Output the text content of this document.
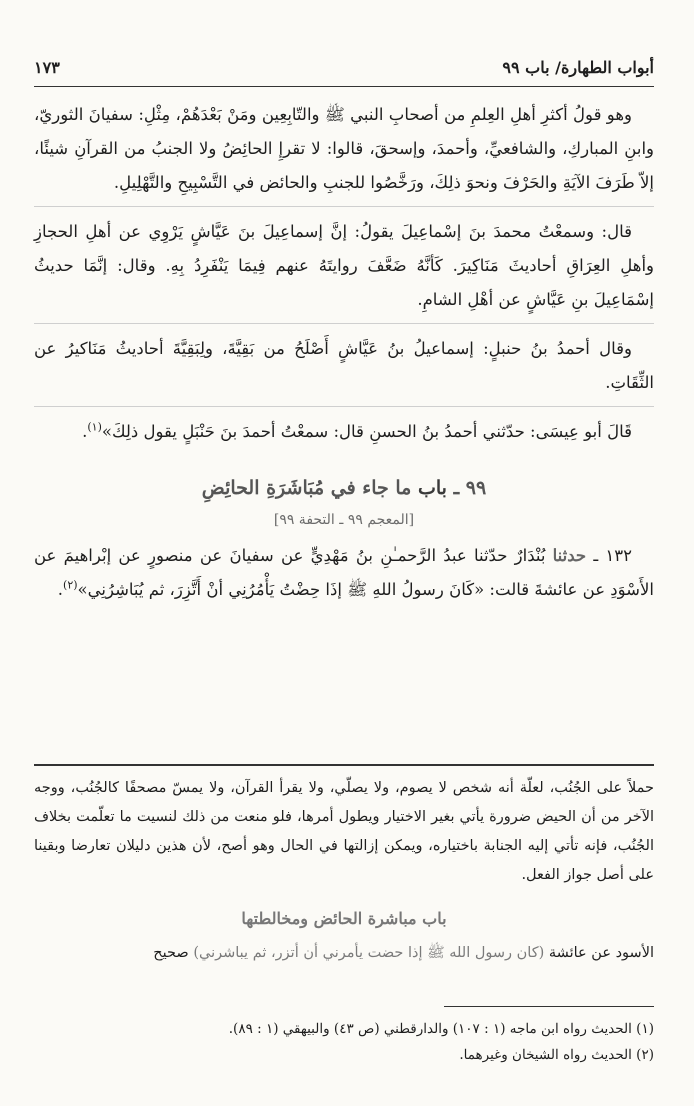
أبواب الطهارة/ باب ٩٩
١٧٣

وهو قولُ أكثرِ أهلِ العِلمِ من أصحابِ النبي ﷺ والتّابِعِين ومَنْ بَعْدَهُمْ، مِثْلِ: سفيانَ الثوريّ، وابنِ المباركِ، والشافعيِّ، وأحمدَ، وإسحقَ، قالوا: لا تقرإِ الحائِضُ ولا الجنبُ من القرآنِ شيئًا، إلاّ طَرَفَ الآيَةِ والحَرْفَ ونحوَ ذلِكَ، ورَخَّصُوا للجنبِ والحائض في التَّسْبِيحِ والتَّهْلِيلِ.

قال: وسمعْتُ محمدَ بنَ إسْماعِيلَ يقولُ: إنَّ إسماعِيلَ بنَ عَيَّاشٍ يَرْوِي عن أهلِ الحجازِ وأهلِ العِرَاقِ أحاديثَ مَنَاكِيرَ. كَأنَّهُ ضَعَّفَ روايتَهُ عنهم فِيمَا يَنْفَرِدُ بِهِ. وقال: إنَّمَا حديثُ إسْمَاعِيلَ بنِ عَيَّاشٍ عن أهْلِ الشامِ.

وقال أحمدُ بنُ حنبلٍ: إسماعيلُ بنُ عَيَّاشٍ أَصْلَحُ من بَقِيَّةَ، ولِبَقِيَّةَ أحاديثُ مَنَاكيرُ عن الثِّقَاتِ.

قَالَ أبو عِيسَى: حدّثني أحمدُ بنُ الحسنِ قال: سمعْتُ أحمدَ بنَ حَنْبَلٍ يقول ذلِكَ»$^{(١)}$.

٩٩ ـ باب ما جاء في مُبَاشَرَةِ الحائِضِ
[المعجم ٩٩ ـ التحفة ٩٩]

١٣٢ ـ حدثنا بُنْدَارٌ حدّثنا عبدُ الرَّحمـٰنِ بنُ مَهْدِيٍّ عن سفيانَ عن منصورٍ عن إبْراهيمَ عن الأَسْوَدِ عن عائشةَ قالت: «كَانَ رسولُ اللهِ ﷺ إذَا حِضْتُ يَأْمُرُنِي أنْ أَتَّزِرَ، ثم يُبَاشِرُنِي»$^{(٢)}$.

حملاً على الجُنُب، لعلّة أنه شخص لا يصوم، ولا يصلّي، ولا يقرأ القرآن، ولا يمسّ مصحفًا كالجُنُب، ووجه الآخر من أن الحيض ضرورة يأتي بغير الاختيار ويطول أمرها، فلو منعت من ذلك لنسيت ما تعلّمت بخلاف الجُنُب، فإنه تأتي إليه الجنابة باختياره، ويمكن إزالتها في الحال وهو أصح، لأن هذين دليلان تعارضا وبقينا على أصل جواز الفعل.

باب مباشرة الحائض ومخالطتها

الأسود عن عائشة (كان رسول الله ﷺ إذا حضت يأمرني أن أتزر، ثم يباشرني) صحيح

(١) الحديث رواه ابن ماجه (١ : ١٠٧) والدارقطني (ص ٤٣) والبيهقي (١ : ٨٩).

(٢) الحديث رواه الشيخان وغيرهما.
